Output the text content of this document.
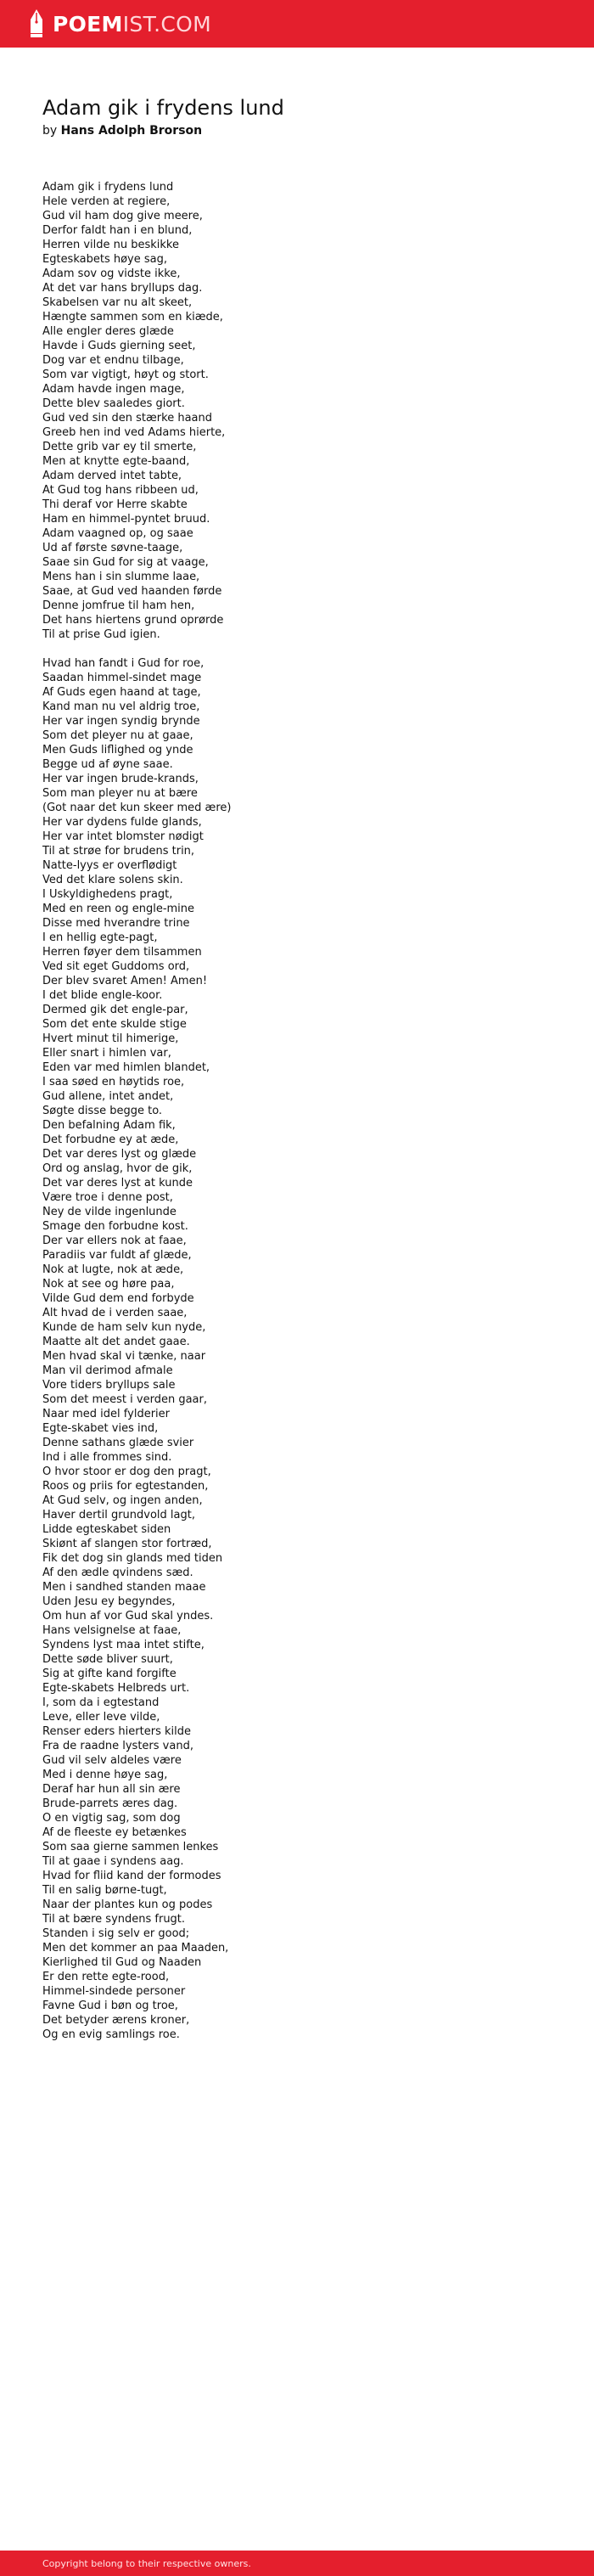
POEMIST.COM
Adam gik i frydens lund
by Hans Adolph Brorson
Adam gik i frydens lund
Hele verden at regiere,
Gud vil ham dog give meere,
Derfor faldt han i en blund,
Herren vilde nu beskikke
Egteskabets høye sag,
Adam sov og vidste ikke,
At det var hans bryllups dag.
Skabelsen var nu alt skeet,
Hængte sammen som en kiæde,
Alle engler deres glæde
Havde i Guds gierning seet,
Dog var et endnu tilbage,
Som var vigtigt, høyt og stort.
Adam havde ingen mage,
Dette blev saaledes giort.
Gud ved sin den stærke haand
Greeb hen ind ved Adams hierte,
Dette grib var ey til smerte,
Men at knytte egte-baand,
Adam derved intet tabte,
At Gud tog hans ribbeen ud,
Thi deraf vor Herre skabte
Ham en himmel-pyntet bruud.
Adam vaagned op, og saae
Ud af første søvne-taage,
Saae sin Gud for sig at vaage,
Mens han i sin slumme laae,
Saae, at Gud ved haanden førde
Denne jomfrue til ham hen,
Det hans hiertens grund oprørde
Til at prise Gud igien.
Hvad han fandt i Gud for roe,
Saadan himmel-sindet mage
Af Guds egen haand at tage,
Kand man nu vel aldrig troe,
Her var ingen syndig brynde
Som det pleyer nu at gaae,
Men Guds liflighed og ynde
Begge ud af øyne saae.
Her var ingen brude-krands,
Som man pleyer nu at bære
(Got naar det kun skeer med ære)
Her var dydens fulde glands,
Her var intet blomster nødigt
Til at strøe for brudens trin,
Natte-lyys er overflødigt
Ved det klare solens skin.
I Uskyldighedens pragt,
Med en reen og engle-mine
Disse med hverandre trine
I en hellig egte-pagt,
Herren føyer dem tilsammen
Ved sit eget Guddoms ord,
Der blev svaret Amen! Amen!
I det blide engle-koor.
Dermed gik det engle-par,
Som det ente skulde stige
Hvert minut til himerige,
Eller snart i himlen var,
Eden var med himlen blandet,
I saa søed en høytids roe,
Gud allene, intet andet,
Søgte disse begge to.
Den befalning Adam fik,
Det forbudne ey at æde,
Det var deres lyst og glæde
Ord og anslag, hvor de gik,
Det var deres lyst at kunde
Være troe i denne post,
Ney de vilde ingenlunde
Smage den forbudne kost.
Der var ellers nok at faae,
Paradiis var fuldt af glæde,
Nok at lugte, nok at æde,
Nok at see og høre paa,
Vilde Gud dem end forbyde
Alt hvad de i verden saae,
Kunde de ham selv kun nyde,
Maatte alt det andet gaae.
Men hvad skal vi tænke, naar
Man vil derimod afmale
Vore tiders bryllups sale
Som det meest i verden gaar,
Naar med idel fylderier
Egte-skabet vies ind,
Denne sathans glæde svier
Ind i alle frommes sind.
O hvor stoor er dog den pragt,
Roos og priis for egtestanden,
At Gud selv, og ingen anden,
Haver dertil grundvold lagt,
Lidde egteskabet siden
Skiønt af slangen stor fortræd,
Fik det dog sin glands med tiden
Af den ædle qvindens sæd.
Men i sandhed standen maae
Uden Jesu ey begyndes,
Om hun af vor Gud skal yndes.
Hans velsignelse at faae,
Syndens lyst maa intet stifte,
Dette søde bliver suurt,
Sig at gifte kand forgifte
Egte-skabets Helbreds urt.
I, som da i egtestand
Leve, eller leve vilde,
Renser eders hierters kilde
Fra de raadne lysters vand,
Gud vil selv aldeles være
Med i denne høye sag,
Deraf har hun all sin ære
Brude-parrets æres dag.
O en vigtig sag, som dog
Af de fleeste ey betænkes
Som saa gierne sammen lenkes
Til at gaae i syndens aag.
Hvad for fliid kand der formodes
Til en salig børne-tugt,
Naar der plantes kun og podes
Til at bære syndens frugt.
Standen i sig selv er good;
Men det kommer an paa Maaden,
Kierlighed til Gud og Naaden
Er den rette egte-rood,
Himmel-sindede personer
Favne Gud i bøn og troe,
Det betyder ærens kroner,
Og en evig samlings roe.
Copyright belong to their respective owners.
